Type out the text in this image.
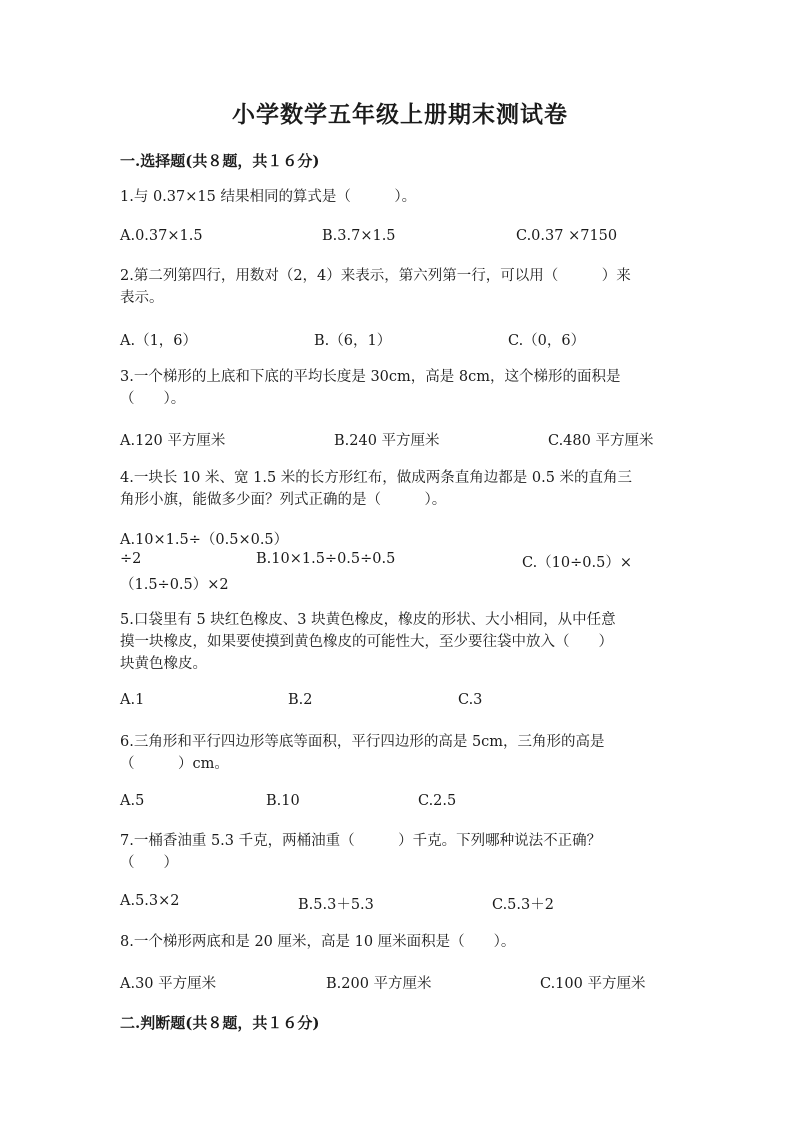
小学数学五年级上册期末测试卷
一.选择题(共８题，共１６分)
1.与 0.37×15 结果相同的算式是（　　　）。
A.0.37×1.5	B.3.7×1.5	C.0.37 ×7150
2.第二列第四行，用数对（2，4）来表示，第六列第一行，可以用（　　　）来
表示。
A.（1，6）	B.（6，1）	C.（0，6）
3.一个梯形的上底和下底的平均长度是 30cm，高是 8cm，这个梯形的面积是
（　　）。
A.120 平方厘米	B.240 平方厘米	C.480 平方厘米
4.一块长 10 米、宽 1.5 米的长方形红布，做成两条直角边都是 0.5 米的直角三
角形小旗，能做多少面？列式正确的是（　　　）。
A.10×1.5÷（0.5×0.5）
÷2	B.10×1.5÷0.5÷0.5	C.（10÷0.5）×
（1.5÷0.5）×2
5.口袋里有 5 块红色橡皮、3 块黄色橡皮，橡皮的形状、大小相同，从中任意
摸一块橡皮，如果要使摸到黄色橡皮的可能性大，至少要往袋中放入（　　）
块黄色橡皮。
A.1	B.2	C.3
6.三角形和平行四边形等底等面积，平行四边形的高是 5cm，三角形的高是
（　　　）cm。
A.5	B.10	C.2.5
7.一桶香油重 5.3 千克，两桶油重（　　　）千克。下列哪种说法不正确？
（　　）
A.5.3×2	B.5.3＋5.3	C.5.3＋2
8.一个梯形两底和是 20 厘米，高是 10 厘米面积是（　　）。
A.30 平方厘米	B.200 平方厘米	C.100 平方厘米
二.判断题(共８题，共１６分)
